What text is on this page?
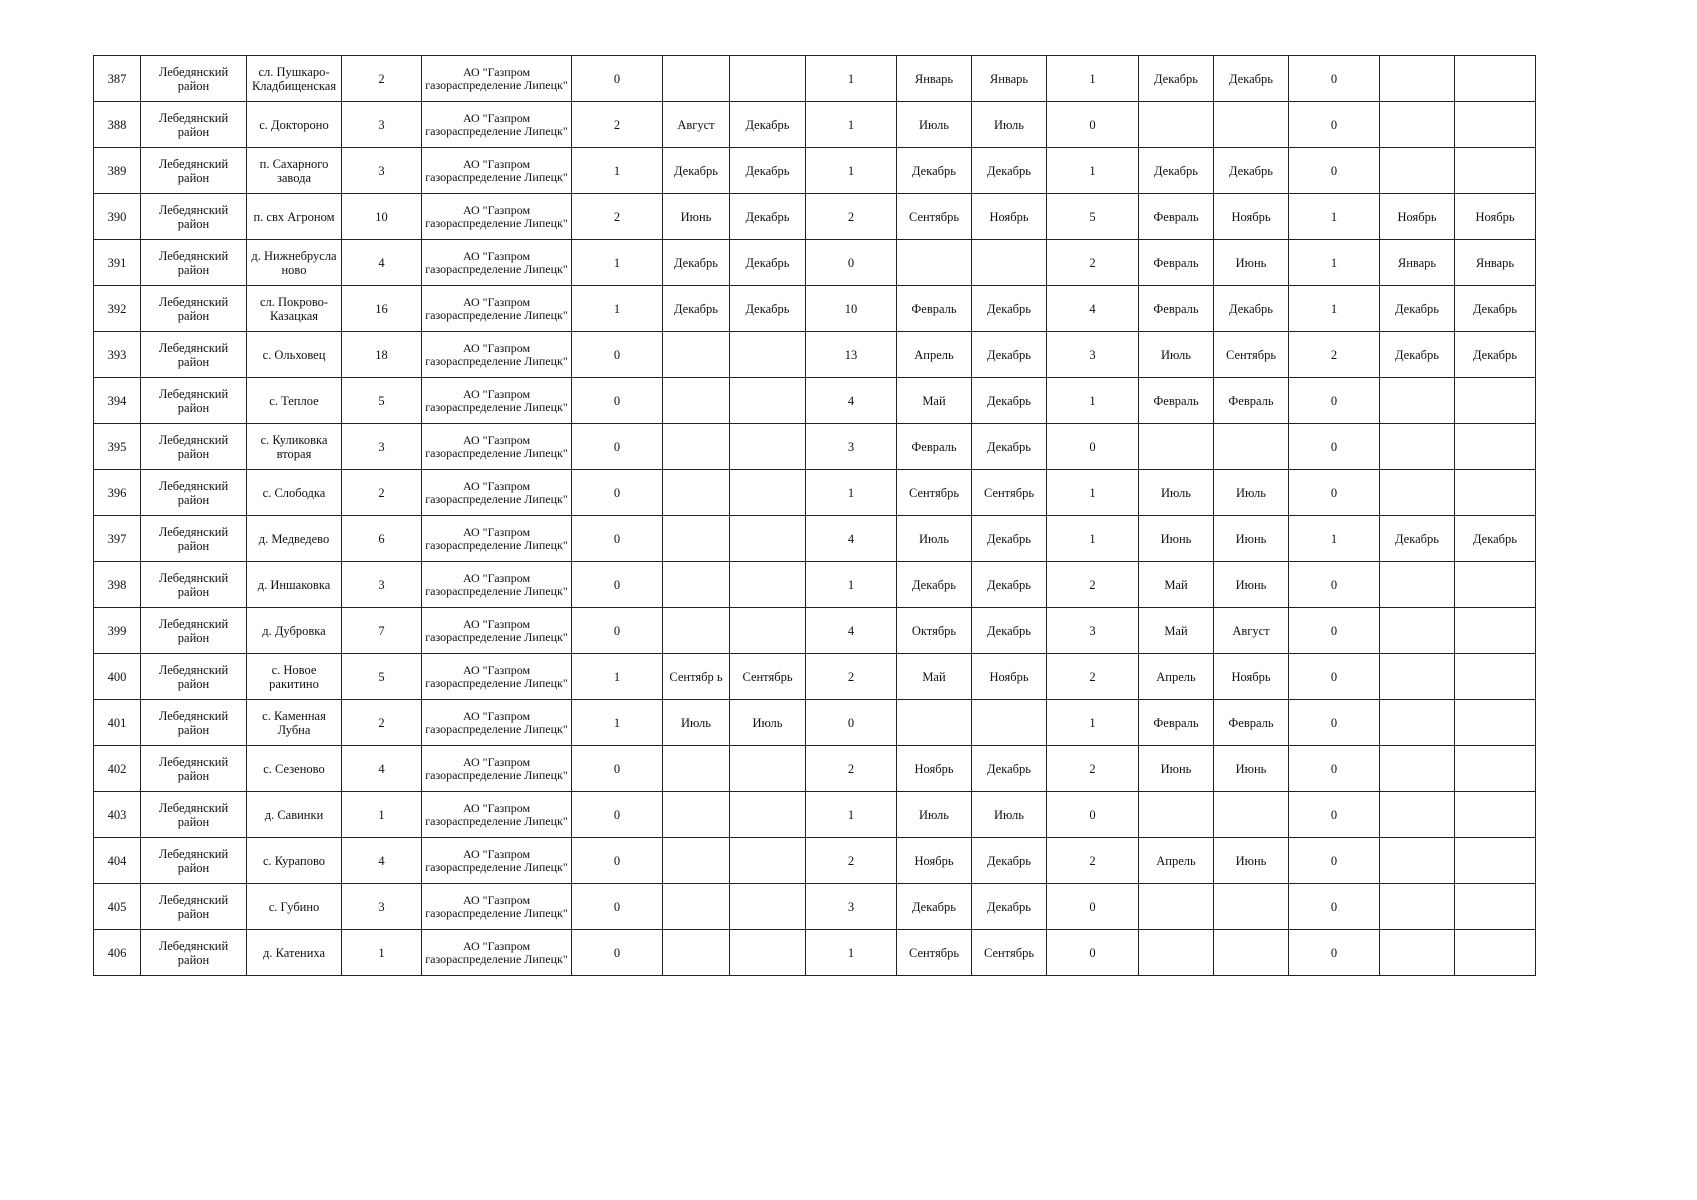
387	Лебедянский район	сл. Пушкаро-Кладбищенская	2	АО "Газпром газораспределение Липецк"	0			1	Январь	Январь	1	Декабрь	Декабрь	0		
388	Лебедянский район	с. Доктороно	3	АО "Газпром газораспределение Липецк"	2	Август	Декабрь	1	Июль	Июль	0			0		
389	Лебедянский район	п. Сахарного завода	3	АО "Газпром газораспределение Липецк"	1	Декабрь	Декабрь	1	Декабрь	Декабрь	1	Декабрь	Декабрь	0		
390	Лебедянский район	п. свх Агроном	10	АО "Газпром газораспределение Липецк"	2	Июнь	Декабрь	2	Сентябрь	Ноябрь	5	Февраль	Ноябрь	1	Ноябрь	Ноябрь
391	Лебедянский район	д. Нижнебрусла ново	4	АО "Газпром газораспределение Липецк"	1	Декабрь	Декабрь	0			2	Февраль	Июнь	1	Январь	Январь
392	Лебедянский район	сл. Покрово-Казацкая	16	АО "Газпром газораспределение Липецк"	1	Декабрь	Декабрь	10	Февраль	Декабрь	4	Февраль	Декабрь	1	Декабрь	Декабрь
393	Лебедянский район	с. Ольховец	18	АО "Газпром газораспределение Липецк"	0			13	Апрель	Декабрь	3	Июль	Сентябрь	2	Декабрь	Декабрь
394	Лебедянский район	с. Теплое	5	АО "Газпром газораспределение Липецк"	0			4	Май	Декабрь	1	Февраль	Февраль	0		
395	Лебедянский район	с. Куликовка вторая	3	АО "Газпром газораспределение Липецк"	0			3	Февраль	Декабрь	0			0		
396	Лебедянский район	с. Слободка	2	АО "Газпром газораспределение Липецк"	0			1	Сентябрь	Сентябрь	1	Июль	Июль	0		
397	Лебедянский район	д. Медведево	6	АО "Газпром газораспределение Липецк"	0			4	Июль	Декабрь	1	Июнь	Июнь	1	Декабрь	Декабрь
398	Лебедянский район	д. Иншаковка	3	АО "Газпром газораспределение Липецк"	0			1	Декабрь	Декабрь	2	Май	Июнь	0		
399	Лебедянский район	д. Дубровка	7	АО "Газпром газораспределение Липецк"	0			4	Октябрь	Декабрь	3	Май	Август	0		
400	Лебедянский район	с. Новое ракитино	5	АО "Газпром газораспределение Липецк"	1	Сентябр ь	Сентябрь	2	Май	Ноябрь	2	Апрель	Ноябрь	0		
401	Лебедянский район	с. Каменная Лубна	2	АО "Газпром газораспределение Липецк"	1	Июль	Июль	0			1	Февраль	Февраль	0		
402	Лебедянский район	с. Сезеново	4	АО "Газпром газораспределение Липецк"	0			2	Ноябрь	Декабрь	2	Июнь	Июнь	0		
403	Лебедянский район	д. Савинки	1	АО "Газпром газораспределение Липецк"	0			1	Июль	Июль	0			0		
404	Лебедянский район	с. Курапово	4	АО "Газпром газораспределение Липецк"	0			2	Ноябрь	Декабрь	2	Апрель	Июнь	0		
405	Лебедянский район	с. Губино	3	АО "Газпром газораспределение Липецк"	0			3	Декабрь	Декабрь	0			0		
406	Лебедянский район	д. Катениха	1	АО "Газпром газораспределение Липецк"	0			1	Сентябрь	Сентябрь	0			0		
